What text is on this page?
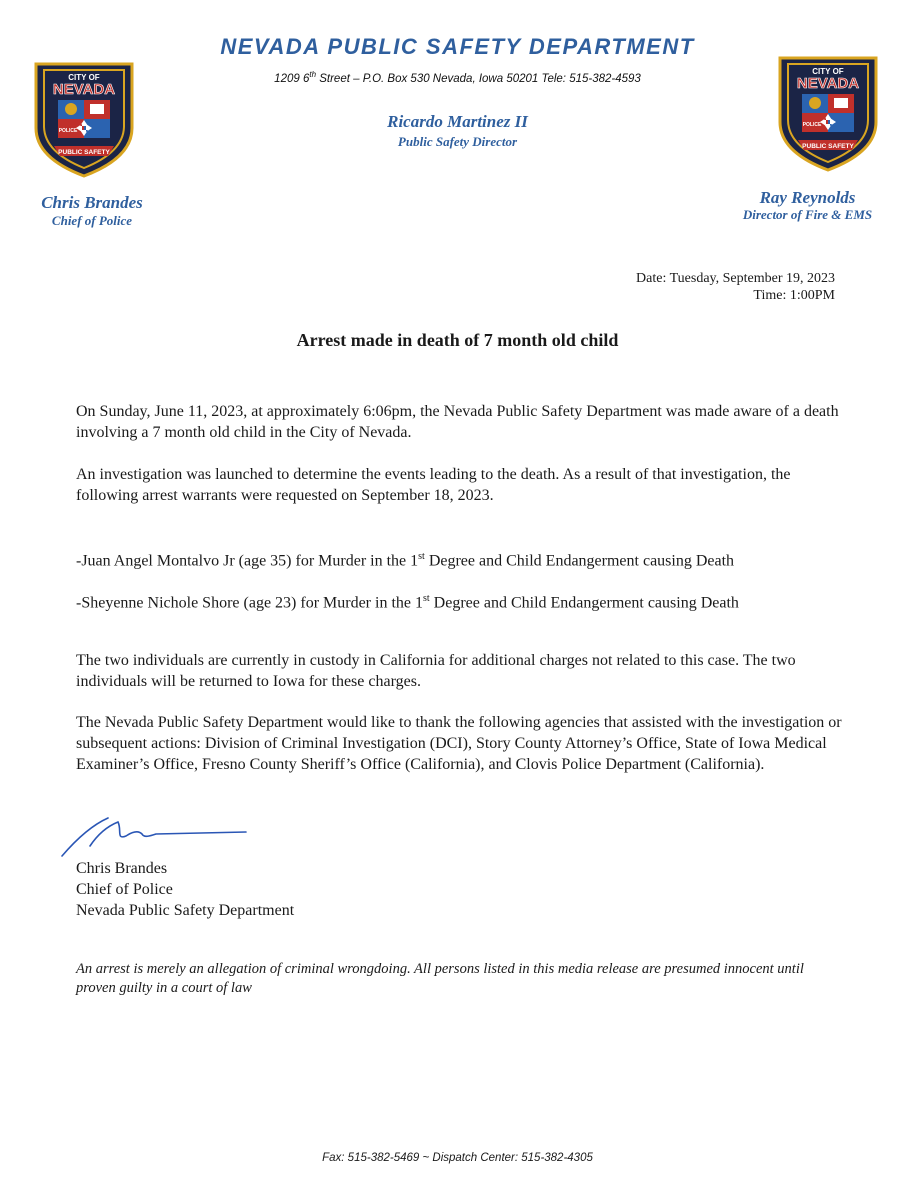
NEVADA PUBLIC SAFETY DEPARTMENT
1209 6th Street – P.O. Box 530 Nevada, Iowa 50201 Tele: 515-382-4593
Ricardo Martinez II
Public Safety Director
CITY OF
NEVADA
POLICE
PUBLIC SAFETY
CITY OF
NEVADA
POLICE
PUBLIC SAFETY
Chris Brandes
Chief of Police
Ray Reynolds
Director of Fire & EMS
Date: Tuesday, September 19, 2023
Time: 1:00PM
Arrest made in death of 7 month old child

On Sunday, June 11, 2023, at approximately 6:06pm, the Nevada Public Safety Department was made aware of a death involving a 7 month old child in the City of Nevada.

An investigation was launched to determine the events leading to the death. As a result of that investigation, the following arrest warrants were requested on September 18, 2023.

-Juan Angel Montalvo Jr (age 35) for Murder in the 1st Degree and Child Endangerment causing Death

-Sheyenne Nichole Shore (age 23) for Murder in the 1st Degree and Child Endangerment causing Death

The two individuals are currently in custody in California for additional charges not related to this case. The two individuals will be returned to Iowa for these charges.

The Nevada Public Safety Department would like to thank the following agencies that assisted with the investigation or subsequent actions: Division of Criminal Investigation (DCI), Story County Attorney’s Office, State of Iowa Medical Examiner’s Office, Fresno County Sheriff’s Office (California), and Clovis Police Department (California).

Chris Brandes
Chief of Police
Nevada Public Safety Department
An arrest is merely an allegation of criminal wrongdoing. All persons listed in this media release are presumed innocent until proven guilty in a court of law
Fax: 515-382-5469 ~ Dispatch Center: 515-382-4305
